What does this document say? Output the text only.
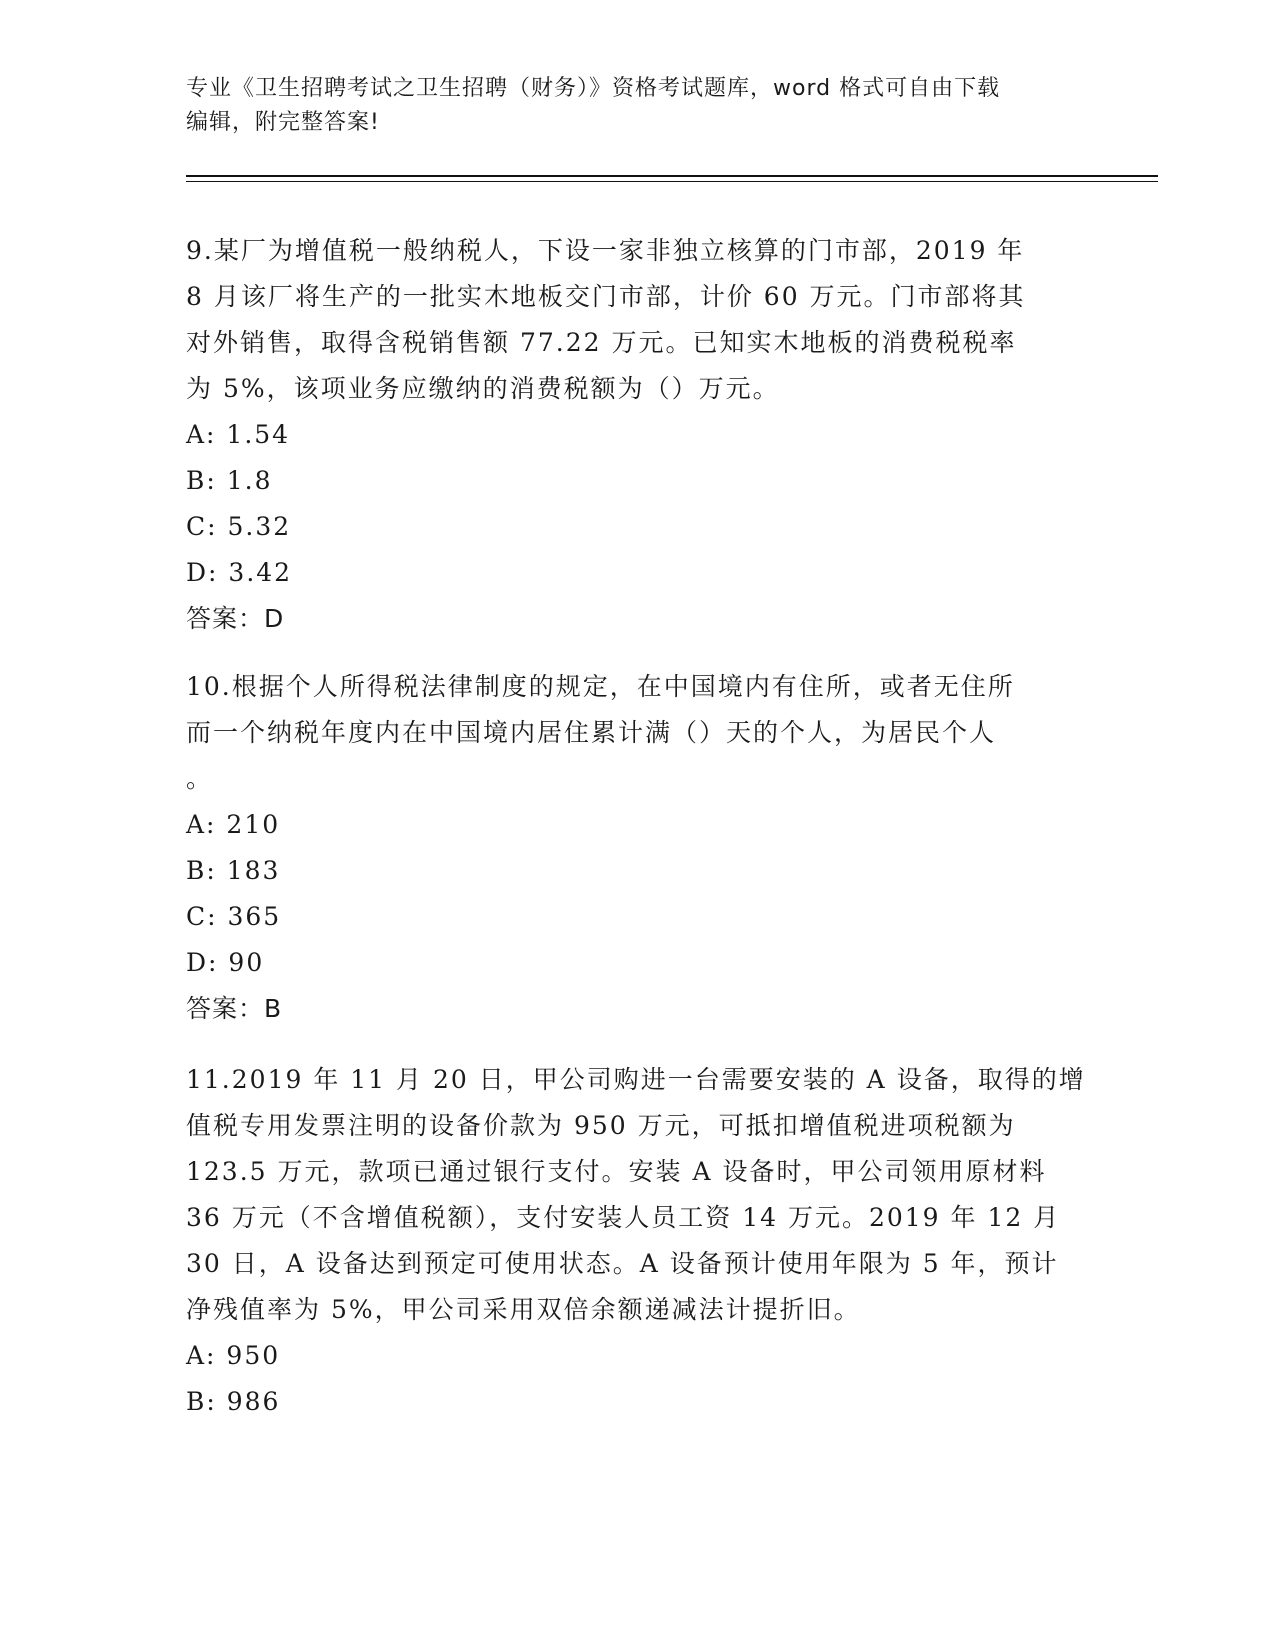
专业《卫生招聘考试之卫生招聘（财务）》资格考试题库，word 格式可自由下载
编辑，附完整答案!
9.某厂为增值税一般纳税人，下设一家非独立核算的门市部，2019 年
8 月该厂将生产的一批实木地板交门市部，计价 60 万元。门市部将其
对外销售，取得含税销售额 77.22 万元。已知实木地板的消费税税率
为 5%，该项业务应缴纳的消费税额为（）万元。
A: 1.54
B: 1.8
C: 5.32
D: 3.42
答案：D
10.根据个人所得税法律制度的规定，在中国境内有住所，或者无住所
而一个纳税年度内在中国境内居住累计满（）天的个人，为居民个人
。
A: 210
B: 183
C: 365
D: 90
答案：B
11.2019 年 11 月 20 日，甲公司购进一台需要安装的 A 设备，取得的增
值税专用发票注明的设备价款为 950 万元，可抵扣增值税进项税额为
123.5 万元，款项已通过银行支付。安装 A 设备时，甲公司领用原材料
36 万元（不含增值税额），支付安装人员工资 14 万元。2019 年 12 月
30 日，A 设备达到预定可使用状态。A 设备预计使用年限为 5 年，预计
净残值率为 5%，甲公司采用双倍余额递减法计提折旧。
A: 950
B: 986
